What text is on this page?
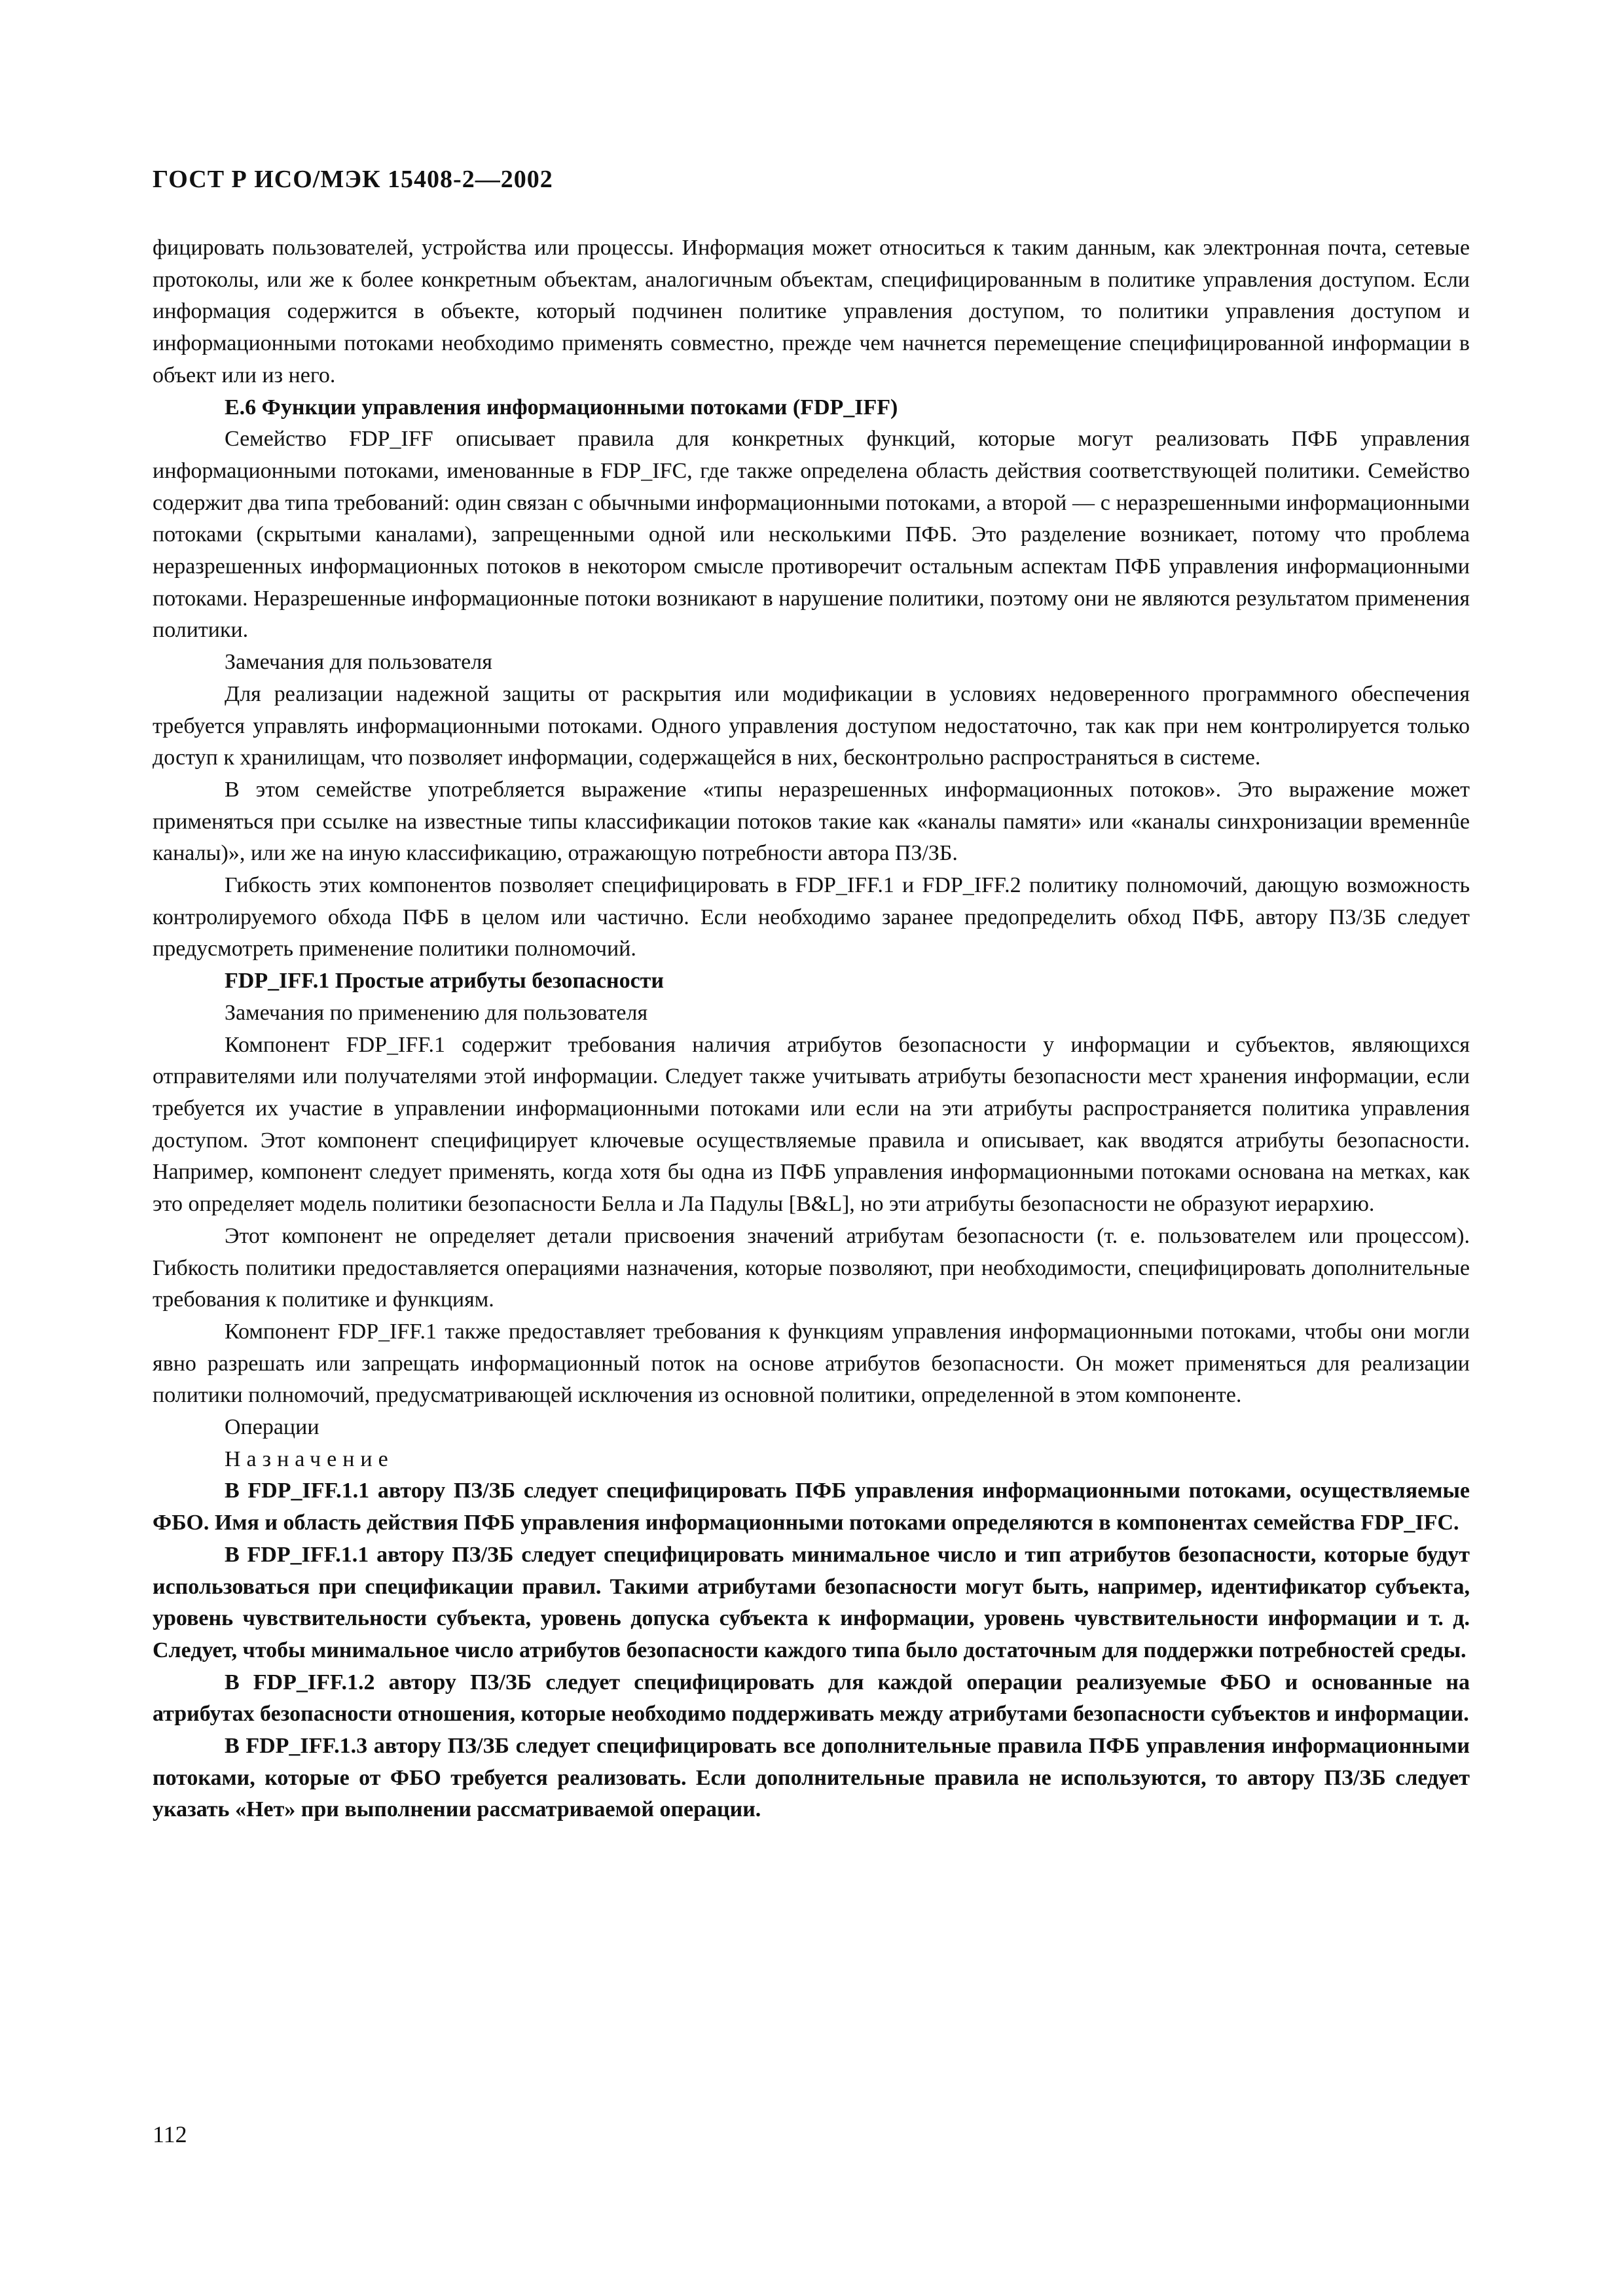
ГОСТ Р ИСО/МЭК 15408-2—2002

фицировать пользователей, устройства или процессы. Информация может относиться к таким данным, как электронная почта, сетевые протоколы, или же к более конкретным объектам, аналогичным объектам, специфицированным в политике управления доступом. Если информация содержится в объекте, который подчинен политике управления доступом, то политики управления доступом и информационными потоками необходимо применять совместно, прежде чем начнется перемещение специфицированной информации в объект или из него.

Е.6 Функции управления информационными потоками (FDP_IFF)

Семейство FDP_IFF описывает правила для конкретных функций, которые могут реализовать ПФБ управления информационными потоками, именованные в FDP_IFC, где также определена область действия соответствующей политики. Семейство содержит два типа требований: один связан с обычными информационными потоками, а второй — с неразрешенными информационными потоками (скрытыми каналами), запрещенными одной или несколькими ПФБ. Это разделение возникает, потому что проблема неразрешенных информационных потоков в некотором смысле противоречит остальным аспектам ПФБ управления информационными потоками. Неразрешенные информационные потоки возникают в нарушение политики, поэтому они не являются результатом применения политики.

Замечания для пользователя

Для реализации надежной защиты от раскрытия или модификации в условиях недоверенного программного обеспечения требуется управлять информационными потоками. Одного управления доступом недостаточно, так как при нем контролируется только доступ к хранилищам, что позволяет информации, содержащейся в них, бесконтрольно распространяться в системе.

В этом семействе употребляется выражение «типы неразрешенных информационных потоков». Это выражение может применяться при ссылке на известные типы классификации потоков такие как «каналы памяти» или «каналы синхронизации временнûе каналы)», или же на иную классификацию, отражающую потребности автора ПЗ/ЗБ.

Гибкость этих компонентов позволяет специфицировать в FDP_IFF.1 и FDP_IFF.2 политику полномочий, дающую возможность контролируемого обхода ПФБ в целом или частично. Если необходимо заранее предопределить обход ПФБ, автору ПЗ/ЗБ следует предусмотреть применение политики полномочий.

FDP_IFF.1 Простые атрибуты безопасности

Замечания по применению для пользователя

Компонент FDP_IFF.1 содержит требования наличия атрибутов безопасности у информации и субъектов, являющихся отправителями или получателями этой информации. Следует также учитывать атрибуты безопасности мест хранения информации, если требуется их участие в управлении информационными потоками или если на эти атрибуты распространяется политика управления доступом. Этот компонент специфицирует ключевые осуществляемые правила и описывает, как вводятся атрибуты безопасности. Например, компонент следует применять, когда хотя бы одна из ПФБ управления информационными потоками основана на метках, как это определяет модель политики безопасности Белла и Ла Падулы [B&L], но эти атрибуты безопасности не образуют иерархию.

Этот компонент не определяет детали присвоения значений атрибутам безопасности (т. е. пользователем или процессом). Гибкость политики предоставляется операциями назначения, которые позволяют, при необходимости, специфицировать дополнительные требования к политике и функциям.

Компонент FDP_IFF.1 также предоставляет требования к функциям управления информационными потоками, чтобы они могли явно разрешать или запрещать информационный поток на основе атрибутов безопасности. Он может применяться для реализации политики полномочий, предусматривающей исключения из основной политики, определенной в этом компоненте.

Операции

Назначение

В FDP_IFF.1.1 автору ПЗ/ЗБ следует специфицировать ПФБ управления информационными потоками, осуществляемые ФБО. Имя и область действия ПФБ управления информационными потоками определяются в компонентах семейства FDP_IFC.

В FDP_IFF.1.1 автору ПЗ/ЗБ следует специфицировать минимальное число и тип атрибутов безопасности, которые будут использоваться при спецификации правил. Такими атрибутами безопасности могут быть, например, идентификатор субъекта, уровень чувствительности субъекта, уровень допуска субъекта к информации, уровень чувствительности информации и т. д. Следует, чтобы минимальное число атрибутов безопасности каждого типа было достаточным для поддержки потребностей среды.

В FDP_IFF.1.2 автору ПЗ/ЗБ следует специфицировать для каждой операции реализуемые ФБО и основанные на атрибутах безопасности отношения, которые необходимо поддерживать между атрибутами безопасности субъектов и информации.

В FDP_IFF.1.3 автору ПЗ/ЗБ следует специфицировать все дополнительные правила ПФБ управления информационными потоками, которые от ФБО требуется реализовать. Если дополнительные правила не используются, то автору ПЗ/ЗБ следует указать «Нет» при выполнении рассматриваемой операции.

112
